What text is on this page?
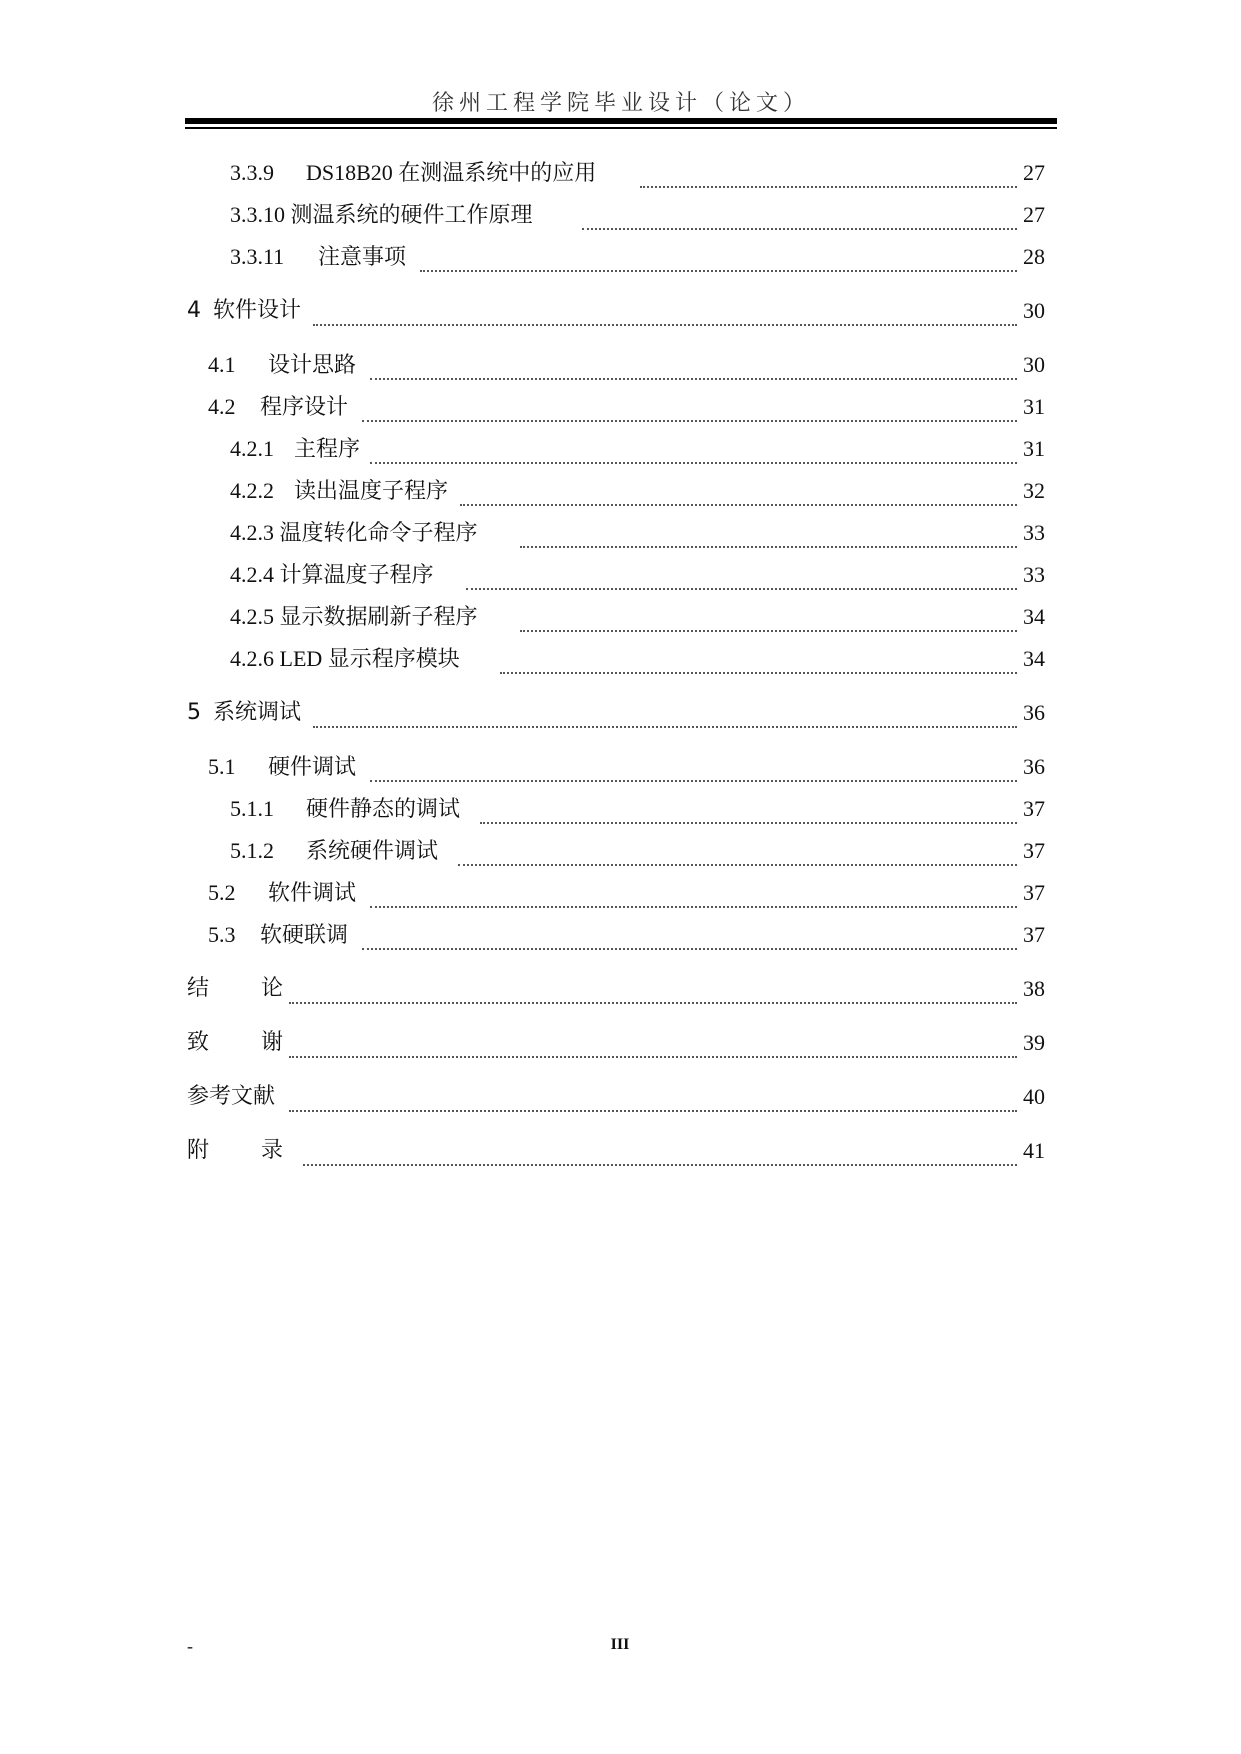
徐州工程学院毕业设计（论文）
3.3.9 DS18B20 在测温系统中的应用	27
3.3.10 测温系统的硬件工作原理	27
3.3.11 注意事项	28
4 软件设计	30
4.1 设计思路	30
4.2 程序设计	31
4.2.1 主程序	31
4.2.2 读出温度子程序	32
4.2.3 温度转化命令子程序	33
4.2.4 计算温度子程序	33
4.2.5 显示数据刷新子程序	34
4.2.6 LED 显示程序模块	34
5 系统调试	36
5.1 硬件调试	36
5.1.1 硬件静态的调试	37
5.1.2 系统硬件调试	37
5.2 软件调试	37
5.3 软硬联调	37
结 论	38
致 谢	39
参考文献	40
附 录	41
-	III
